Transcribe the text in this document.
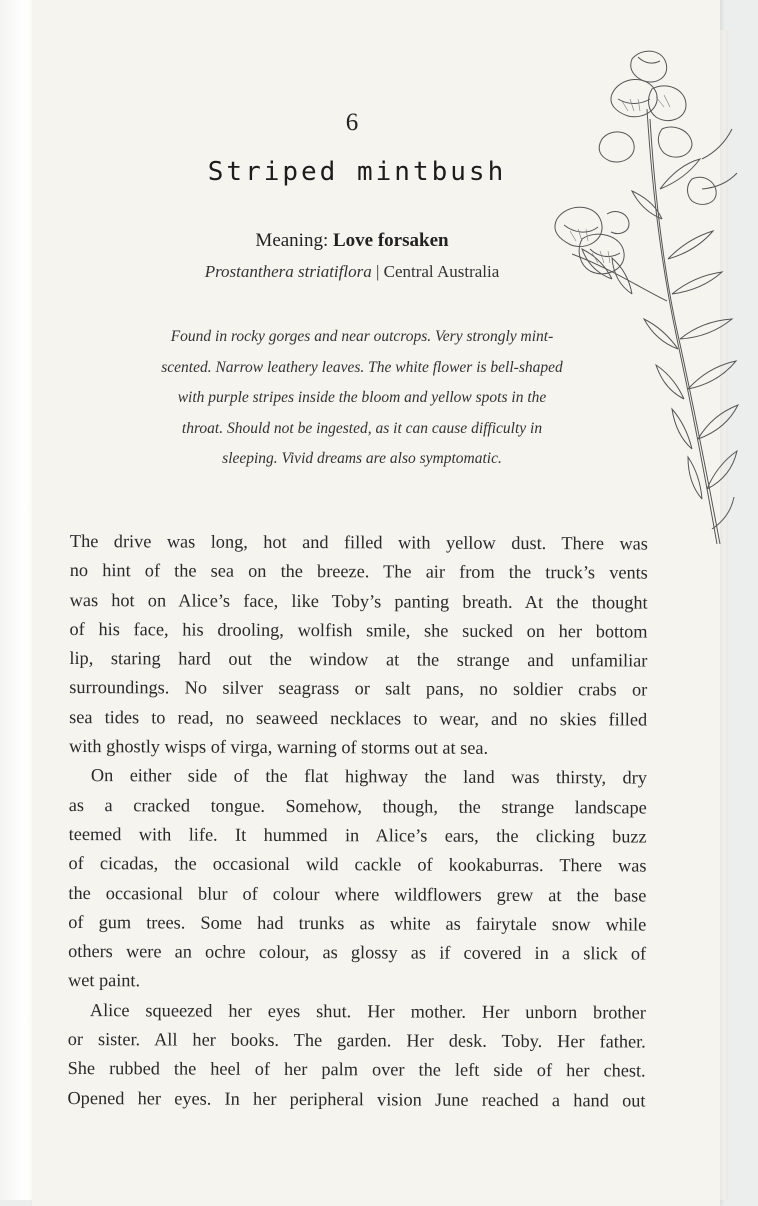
6
Striped mintbush
Meaning: Love forsaken
Prostanthera striatiflora | Central Australia
Found in rocky gorges and near outcrops. Very strongly mint-
scented. Narrow leathery leaves. The white flower is bell-shaped
with purple stripes inside the bloom and yellow spots in the
throat. Should not be ingested, as it can cause difficulty in
sleeping. Vivid dreams are also symptomatic.

The drive was long, hot and filled with yellow dust. There was
no hint of the sea on the breeze. The air from the truck’s vents
was hot on Alice’s face, like Toby’s panting breath. At the thought
of his face, his drooling, wolfish smile, she sucked on her bottom
lip, staring hard out the window at the strange and unfamiliar
surroundings. No silver seagrass or salt pans, no soldier crabs or
sea tides to read, no seaweed necklaces to wear, and no skies filled
with ghostly wisps of virga, warning of storms out at sea.

On either side of the flat highway the land was thirsty, dry
as a cracked tongue. Somehow, though, the strange landscape
teemed with life. It hummed in Alice’s ears, the clicking buzz
of cicadas, the occasional wild cackle of kookaburras. There was
the occasional blur of colour where wildflowers grew at the base
of gum trees. Some had trunks as white as fairytale snow while
others were an ochre colour, as glossy as if covered in a slick of
wet paint.

Alice squeezed her eyes shut. Her mother. Her unborn brother
or sister. All her books. The garden. Her desk. Toby. Her father.
She rubbed the heel of her palm over the left side of her chest.
Opened her eyes. In her peripheral vision June reached a hand out
